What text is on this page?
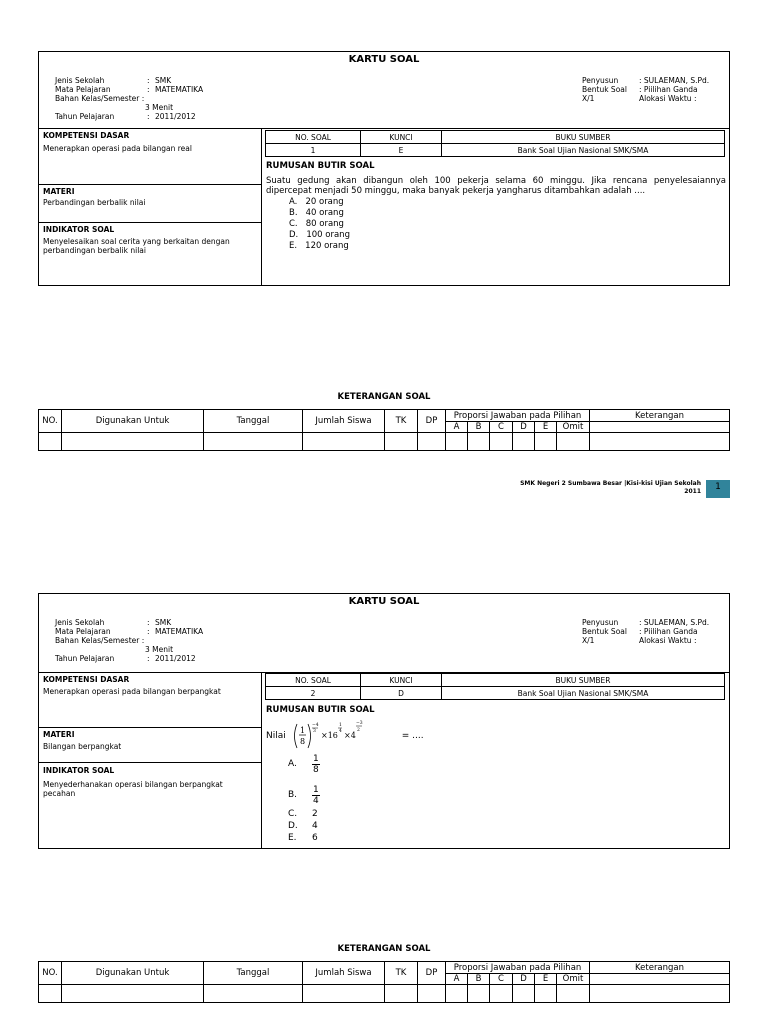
KARTU SOAL
Jenis Sekolah	: SMK
Mata Pelajaran	: MATEMATIKA
Bahan Kelas/Semester :
3 Menit
Tahun Pelajaran	: 2011/2012
Penyusun	: SULAEMAN, S.Pd.
Bentuk Soal : Piilihan Ganda
X/1	Alokasi Waktu :
KOMPETENSI DASAR
Menerapkan operasi pada bilangan real
MATERI
Perbandingan berbalik nilai
INDIKATOR SOAL
Menyelesaikan soal cerita yang berkaitan dengan perbandingan berbalik nilai
NO. SOAL	KUNCI	BUKU SUMBER
1	E	Bank Soal Ujian Nasional SMK/SMA
RUMUSAN BUTIR SOAL
Suatu gedung akan dibangun oleh 100 pekerja selama 60 minggu. Jika rencana penyelesaiannya dipercepat menjadi 50 minggu, maka banyak pekerja yangharus ditambahkan adalah ....
A.   20 orang
B.   40 orang
C.   80 orang
D.   100 orang
E.   120 orang
KETERANGAN SOAL
NO.	Digunakan Untuk	Tanggal	Jumlah Siswa	TK	DP	Proporsi Jawaban pada Pilihan						Keterangan
						A	B	C	D	E	Omit	

SMK Negeri 2 Sumbawa Besar |Kisi-kisi Ujian Sekolah
2011	1
KARTU SOAL
Jenis Sekolah	: SMK
Mata Pelajaran	: MATEMATIKA
Bahan Kelas/Semester :
3 Menit
Tahun Pelajaran	: 2011/2012
Penyusun	: SULAEMAN, S.Pd.
Bentuk Soal : Piilihan Ganda
X/1	Alokasi Waktu :
KOMPETENSI DASAR
Menerapkan operasi pada bilangan berpangkat
MATERI
Bilangan berpangkat
INDIKATOR SOAL
Menyederhanakan operasi bilangan berpangkat pecahan
NO. SOAL	KUNCI	BUKU SUMBER
2	D	Bank Soal Ujian Nasional SMK/SMA
RUMUSAN BUTIR SOAL
Nilai
1
8
−4
3 ×16
1
4 ×4
−3
2
= ....
A.	$\frac{1}{8}$
B.	$\frac{1}{4}$
C.	2
D.	4
E.	6
KETERANGAN SOAL
NO.	Digunakan Untuk	Tanggal	Jumlah Siswa	TK	DP	Proporsi Jawaban pada Pilihan						Keterangan
						A	B	C	D	E	Omit	
